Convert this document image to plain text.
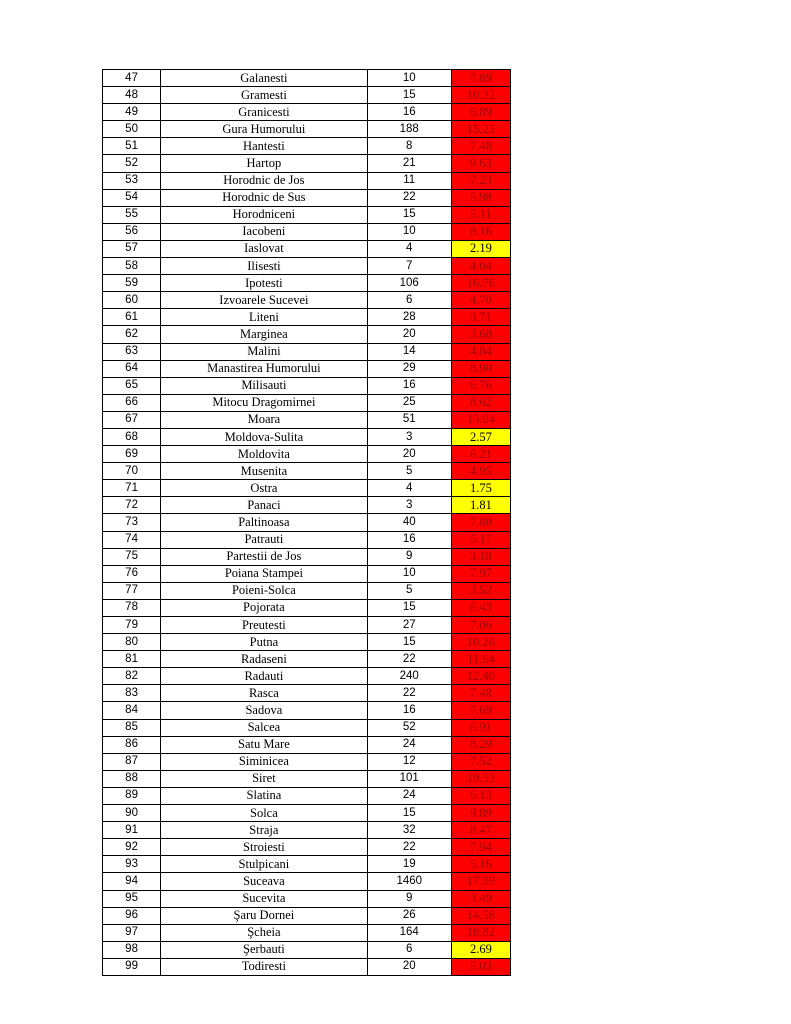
47	Galanesti	10	7.89
48	Gramesti	15	10.32
49	Granicesti	16	6.89
50	Gura Humorului	188	15.23
51	Hantesti	8	7.48
52	Hartop	21	9.63
53	Horodnic de Jos	11	7.23
54	Horodnic de Sus	22	5.98
55	Horodniceni	15	5.11
56	Iacobeni	10	8.16
57	Iaslovat	4	2.19
58	Ilisesti	7	4.04
59	Ipotesti	106	16.76
60	Izvoarele Sucevei	6	4.70
61	Liteni	28	3.71
62	Marginea	20	3.68
63	Malini	14	4.84
64	Manastirea Humorului	29	8.90
65	Milisauti	16	6.76
66	Mitocu Dragomirnei	25	8.62
67	Moara	51	13.04
68	Moldova-Sulita	3	2.57
69	Moldovita	20	6.21
70	Musenita	5	4.95
71	Ostra	4	1.75
72	Panaci	3	1.81
73	Paltinoasa	40	7.80
74	Patrauti	16	5.17
75	Partestii de Jos	9	3.18
76	Poiana Stampei	10	7.97
77	Poieni-Solca	5	3.52
78	Pojorata	15	6.43
79	Preutesti	27	7.06
80	Putna	15	10.26
81	Radaseni	22	11.64
82	Radauti	240	12.40
83	Rasca	22	7.48
84	Sadova	16	7.69
85	Salcea	52	6.91
86	Satu Mare	24	8.29
87	Siminicea	12	7.52
88	Siret	101	19.53
89	Slatina	24	6.13
90	Solca	15	9.89
91	Straja	32	8.47
92	Stroiesti	22	7.94
93	Stulpicani	19	5.16
94	Suceava	1460	17.89
95	Sucevita	9	3.49
96	Şaru Dornei	26	14.58
97	Şcheia	164	18.82
98	Şerbauti	6	2.69
99	Todiresti	20	5.03
